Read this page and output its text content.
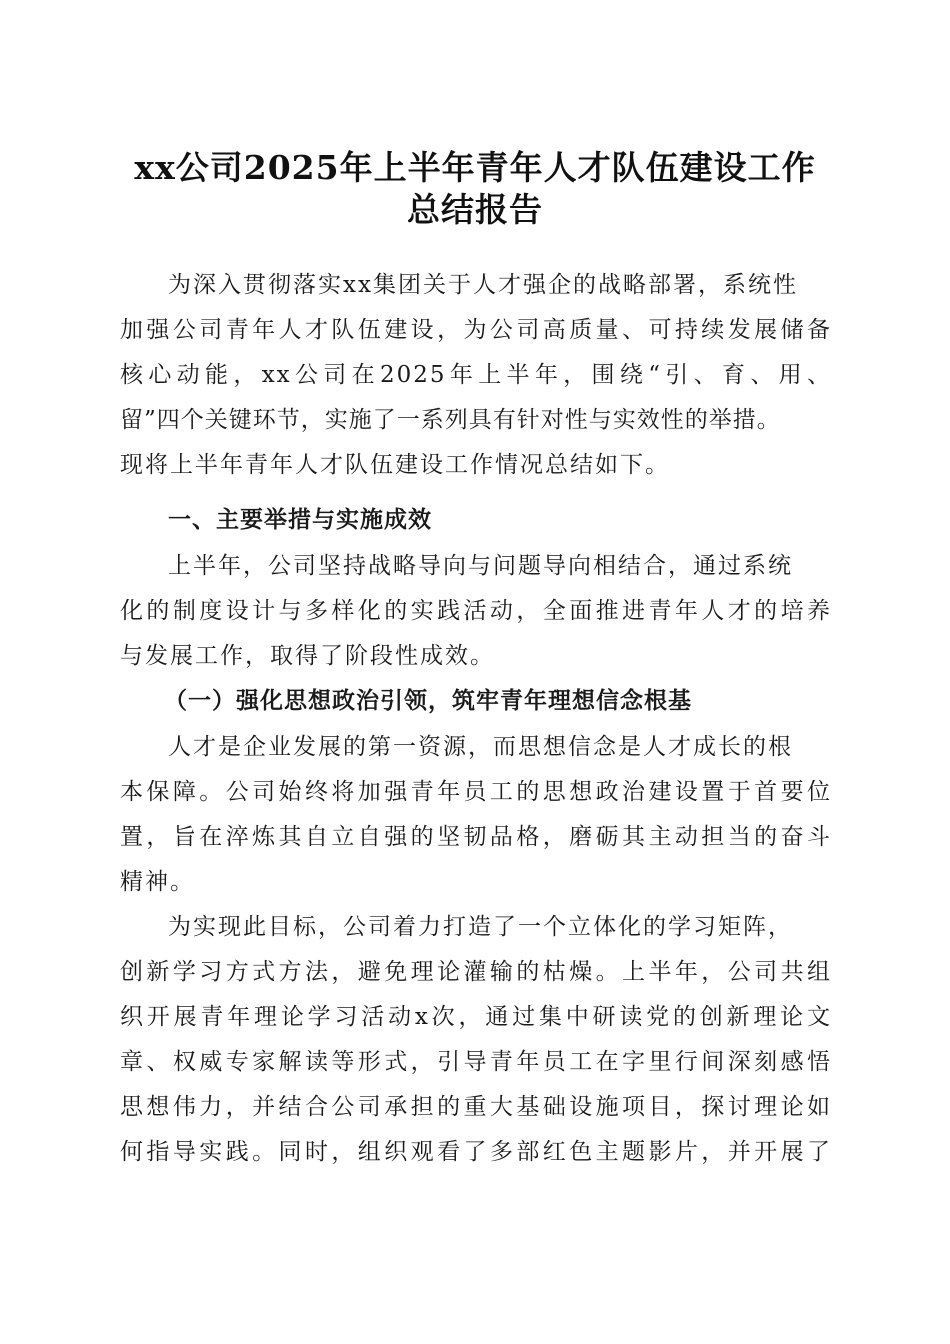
xx公司2025年上半年青年人才队伍建设工作
总结报告

为深入贯彻落实xx集团关于人才强企的战略部署，系统性

加强公司青年人才队伍建设，为公司高质量、可持续发展储备

核心动能，xx公司在2025年上半年，围绕“引、育、用、

留”四个关键环节，实施了一系列具有针对性与实效性的举措。

现将上半年青年人才队伍建设工作情况总结如下。

一、主要举措与实施成效

上半年，公司坚持战略导向与问题导向相结合，通过系统

化的制度设计与多样化的实践活动，全面推进青年人才的培养

与发展工作，取得了阶段性成效。

（一）强化思想政治引领，筑牢青年理想信念根基

人才是企业发展的第一资源，而思想信念是人才成长的根

本保障。公司始终将加强青年员工的思想政治建设置于首要位

置，旨在淬炼其自立自强的坚韧品格，磨砺其主动担当的奋斗

精神。

为实现此目标，公司着力打造了一个立体化的学习矩阵，

创新学习方式方法，避免理论灌输的枯燥。上半年，公司共组

织开展青年理论学习活动x次，通过集中研读党的创新理论文

章、权威专家解读等形式，引导青年员工在字里行间深刻感悟

思想伟力，并结合公司承担的重大基础设施项目，探讨理论如

何指导实践。同时，组织观看了多部红色主题影片，并开展了
